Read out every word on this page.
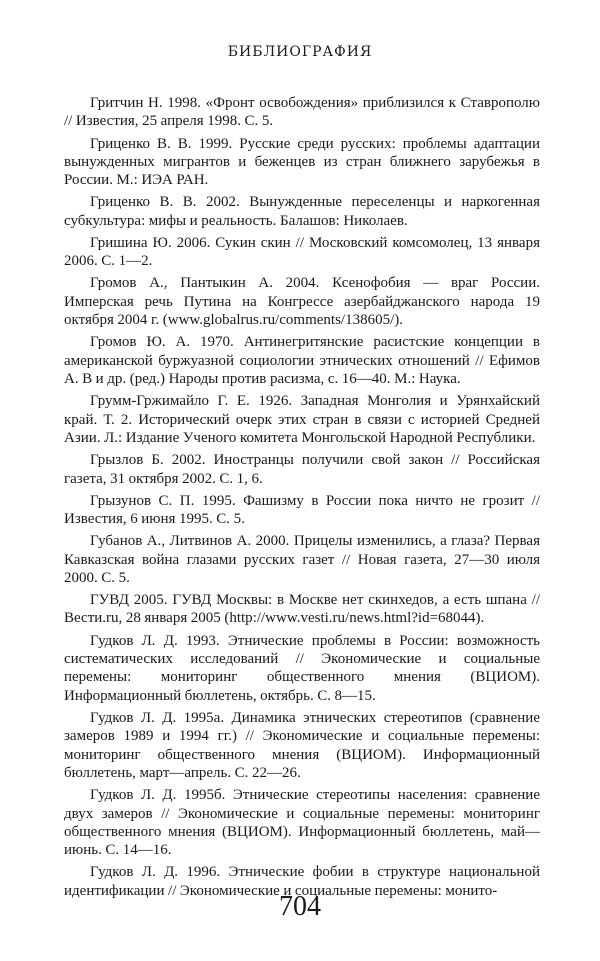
БИБЛИОГРАФИЯ

Гритчин Н. 1998. «Фронт освобождения» приблизился к Ставрополю // Известия, 25 апреля 1998. С. 5.

Гриценко В. В. 1999. Русские среди русских: проблемы адаптации вынужденных мигрантов и беженцев из стран ближнего зарубежья в России. М.: ИЭА РАН.

Гриценко В. В. 2002. Вынужденные переселенцы и наркогенная субкультура: мифы и реальность. Балашов: Николаев.

Гришина Ю. 2006. Сукин скин // Московский комсомолец, 13 января 2006. С. 1—2.

Громов А., Пантыкин А. 2004. Ксенофобия — враг России. Имперская речь Путина на Конгрессе азербайджанского народа 19 октября 2004 г. (www.globalrus.ru/comments/138605/).

Громов Ю. А. 1970. Антинегритянские расистские концепции в американской буржуазной социологии этнических отношений // Ефимов А. В и др. (ред.) Народы против расизма, с. 16—40. М.: Наука.

Грумм-Гржимайло Г. Е. 1926. Западная Монголия и Урянхайский край. Т. 2. Исторический очерк этих стран в связи с историей Средней Азии. Л.: Издание Ученого комитета Монгольской Народной Республики.

Грызлов Б. 2002. Иностранцы получили свой закон // Российская газета, 31 октября 2002. С. 1, 6.

Грызунов С. П. 1995. Фашизму в России пока ничто не грозит // Известия, 6 июня 1995. С. 5.

Губанов А., Литвинов А. 2000. Прицелы изменились, а глаза? Первая Кавказская война глазами русских газет // Новая газета, 27—30 июля 2000. С. 5.

ГУВД 2005. ГУВД Москвы: в Москве нет скинхедов, а есть шпана // Вести.ru, 28 января 2005 (http://www.vesti.ru/news.html?id=68044).

Гудков Л. Д. 1993. Этнические проблемы в России: возможность систематических исследований // Экономические и социальные перемены: мониторинг общественного мнения (ВЦИОМ). Информационный бюллетень, октябрь. С. 8—15.

Гудков Л. Д. 1995а. Динамика этнических стереотипов (сравнение замеров 1989 и 1994 гг.) // Экономические и социальные перемены: мониторинг общественного мнения (ВЦИОМ). Информационный бюллетень, март—апрель. С. 22—26.

Гудков Л. Д. 1995б. Этнические стереотипы населения: сравнение двух замеров // Экономические и социальные перемены: мониторинг общественного мнения (ВЦИОМ). Информационный бюллетень, май—июнь. С. 14—16.

Гудков Л. Д. 1996. Этнические фобии в структуре национальной идентификации // Экономические и социальные перемены: монито-

704
